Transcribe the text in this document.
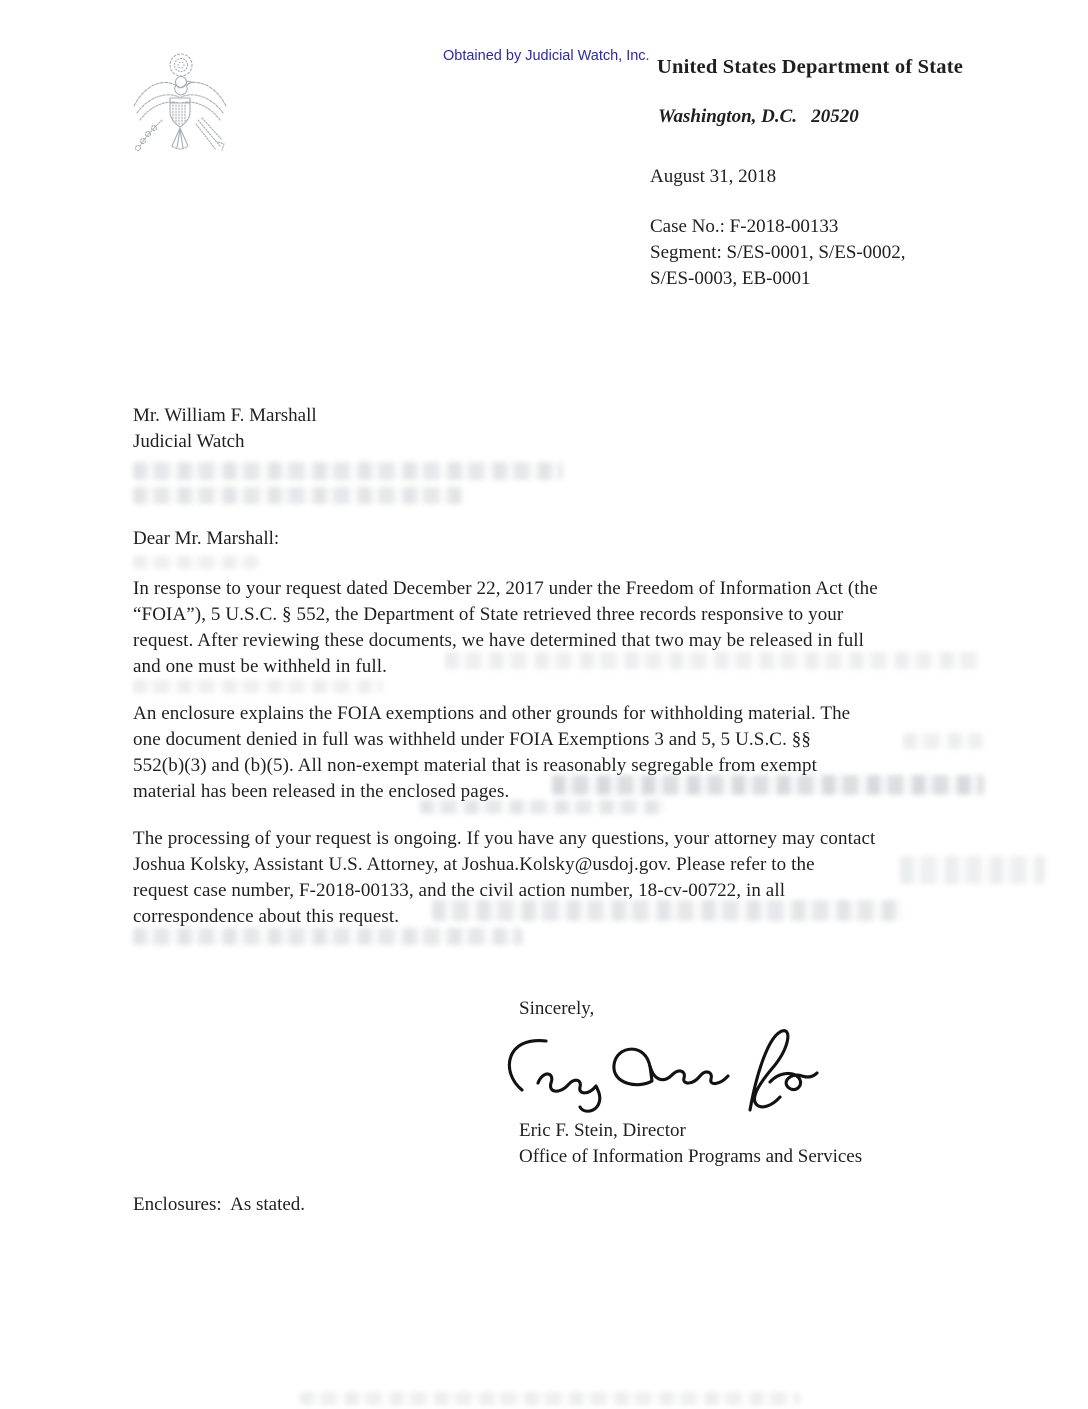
Obtained by Judicial Watch, Inc. United States Department of State
Washington, D.C.   20520
August 31, 2018
Case No.: F-2018-00133
Segment: S/ES-0001, S/ES-0002,
S/ES-0003, EB-0001
Mr. William F. Marshall
Judicial Watch
Dear Mr. Marshall:
In response to your request dated December 22, 2017 under the Freedom of Information Act (the
“FOIA”), 5 U.S.C. § 552, the Department of State retrieved three records responsive to your
request. After reviewing these documents, we have determined that two may be released in full
and one must be withheld in full.
An enclosure explains the FOIA exemptions and other grounds for withholding material. The
one document denied in full was withheld under FOIA Exemptions 3 and 5, 5 U.S.C. §§
552(b)(3) and (b)(5). All non-exempt material that is reasonably segregable from exempt
material has been released in the enclosed pages.
The processing of your request is ongoing. If you have any questions, your attorney may contact
Joshua Kolsky, Assistant U.S. Attorney, at Joshua.Kolsky@usdoj.gov. Please refer to the
request case number, F-2018-00133, and the civil action number, 18-cv-00722, in all
correspondence about this request.
Sincerely,
Eric F. Stein, Director
Office of Information Programs and Services
Enclosures:  As stated.
